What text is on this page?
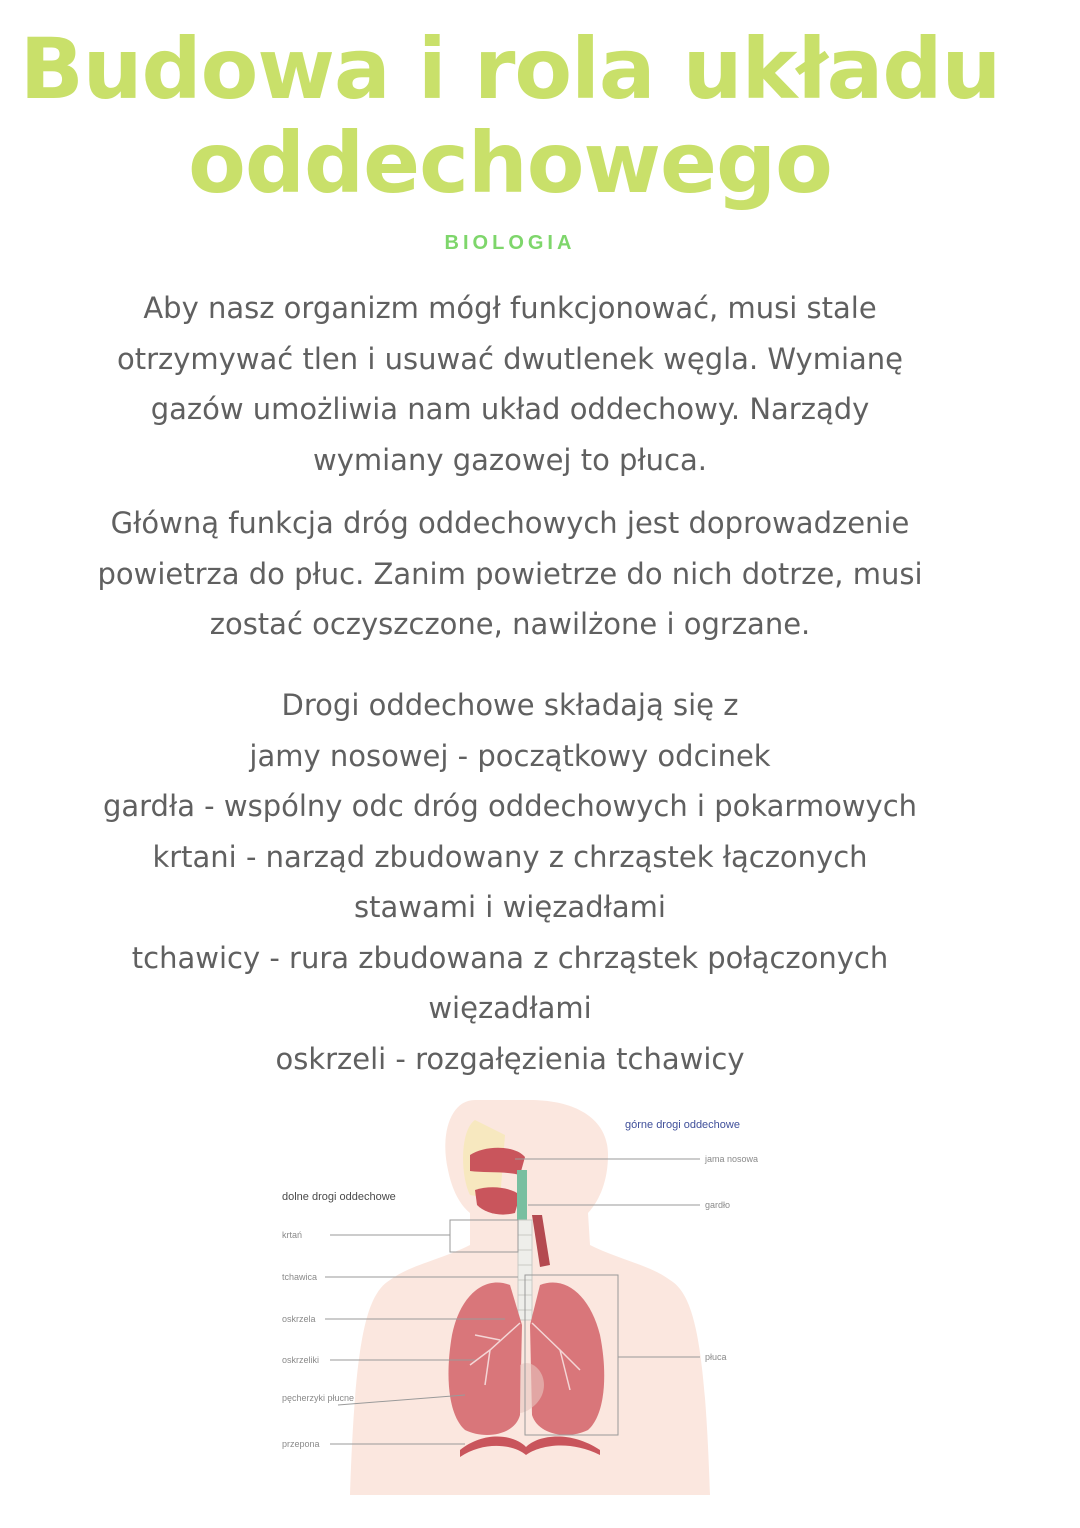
Budowa i rola układu
oddechowego
BIOLOGIA

Aby nasz organizm mógł funkcjonować, musi stale
otrzymywać tlen i usuwać dwutlenek węgla. Wymianę
gazów umożliwia nam układ oddechowy. Narządy
wymiany gazowej to płuca.

Główną funkcja dróg oddechowych jest doprowadzenie
powietrza do płuc. Zanim powietrze do nich dotrze, musi
zostać oczyszczone, nawilżone i ogrzane.

Drogi oddechowe składają się z
jamy nosowej - początkowy odcinek
gardła - wspólny odc dróg oddechowych i pokarmowych
krtani - narząd zbudowany z chrząstek łączonych
stawami i więzadłami
tchawicy - rura zbudowana z chrząstek połączonych
więzadłami
oskrzeli - rozgałęzienia tchawicy

górne drogi oddechowe
jama nosowa
gardło
dolne drogi oddechowe
krtań
tchawica
oskrzela
oskrzeliki
pęcherzyki płucne
przepona
płuca
